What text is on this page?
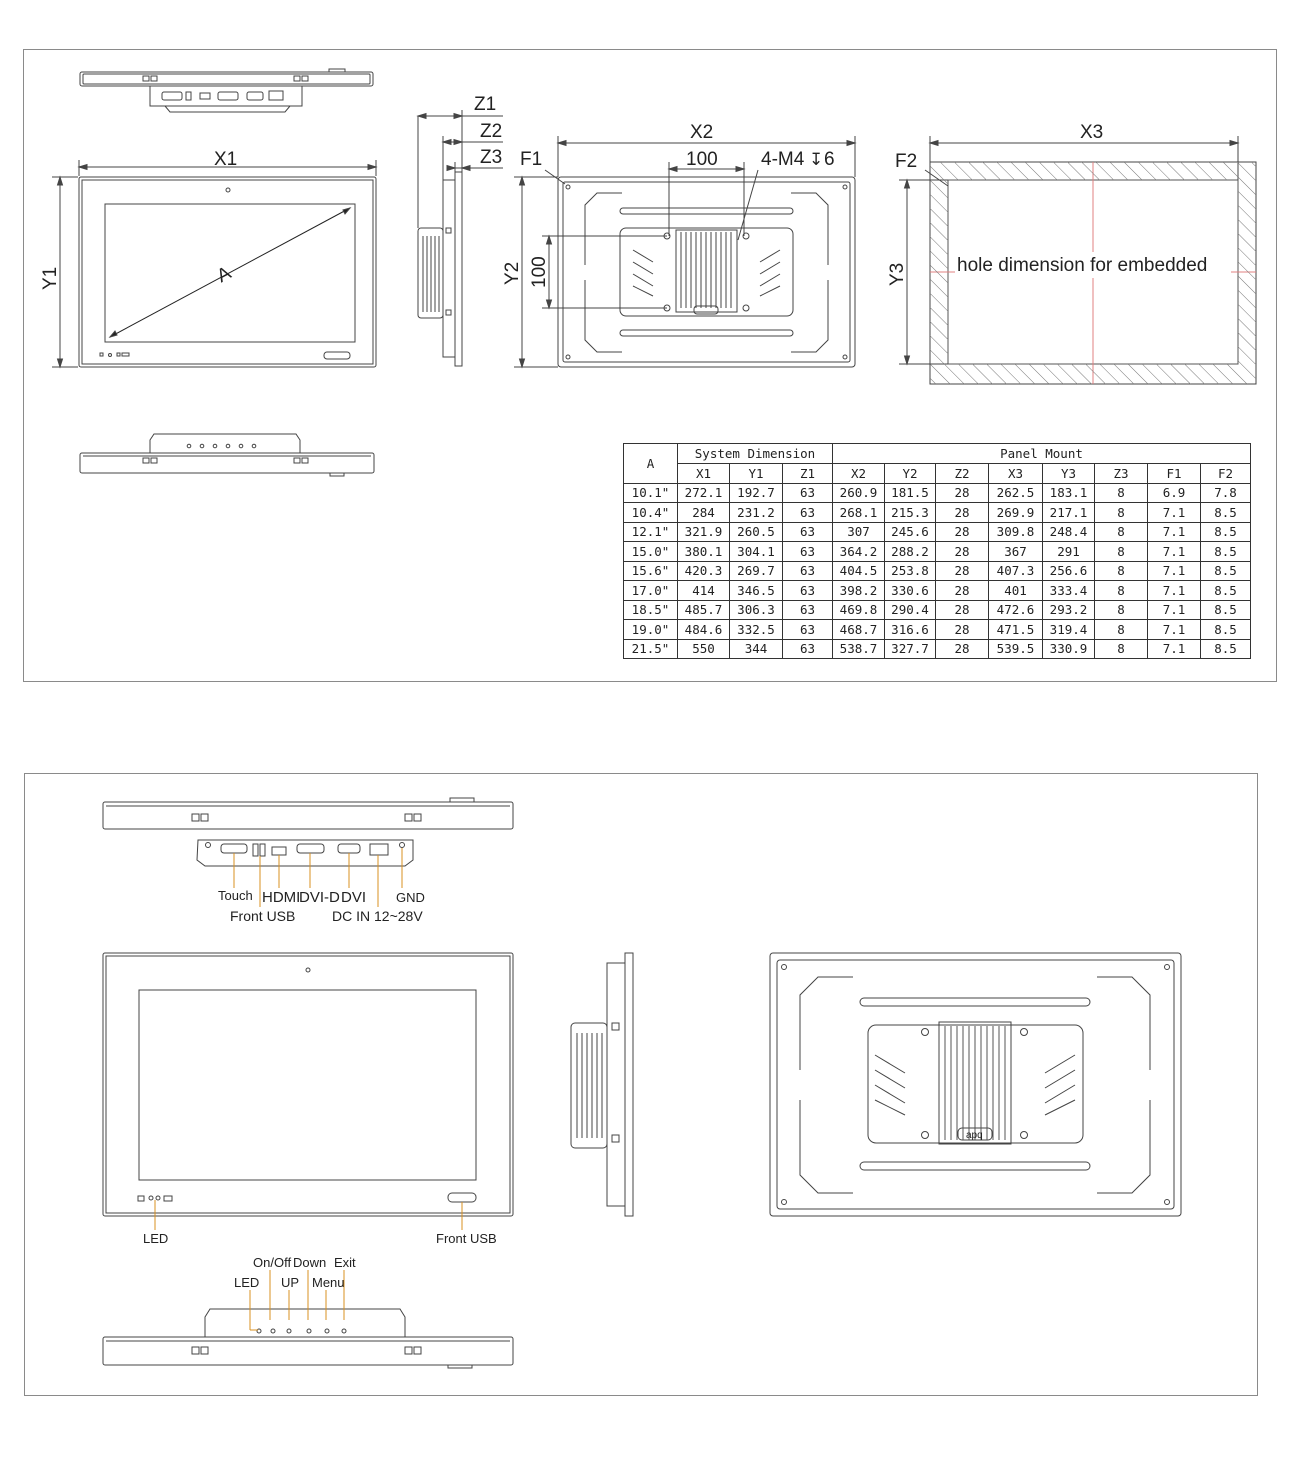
X1
Y1	A
Z1
Z2
Z3
X2
F1	100 4-M4 ↧ 6
Y2 100
X3
F2
Y3	hole dimension for embedded
A	System Dimension			Panel Mount							
	X1	Y1	Z1	X2	Y2	Z2	X3	Y3	Z3	F1	F2
10.1"	272.1	192.7	63	260.9	181.5	28	262.5	183.1	8	6.9	7.8
10.4"	284	231.2	63	268.1	215.3	28	269.9	217.1	8	7.1	8.5
12.1"	321.9	260.5	63	307	245.6	28	309.8	248.4	8	7.1	8.5
15.0"	380.1	304.1	63	364.2	288.2	28	367	291	8	7.1	8.5
15.6"	420.3	269.7	63	404.5	253.8	28	407.3	256.6	8	7.1	8.5
17.0"	414	346.5	63	398.2	330.6	28	401	333.4	8	7.1	8.5
18.5"	485.7	306.3	63	469.8	290.4	28	472.6	293.2	8	7.1	8.5
19.0"	484.6	332.5	63	468.7	316.6	28	471.5	319.4	8	7.1	8.5
21.5"	550	344	63	538.7	327.7	28	539.5	330.9	8	7.1	8.5
apq
Touch HDMI
DVI-D DVI GND
Front USB	DC IN 12~28V
LED	Front USB
On/Off Down Exit
LED UP Menu
